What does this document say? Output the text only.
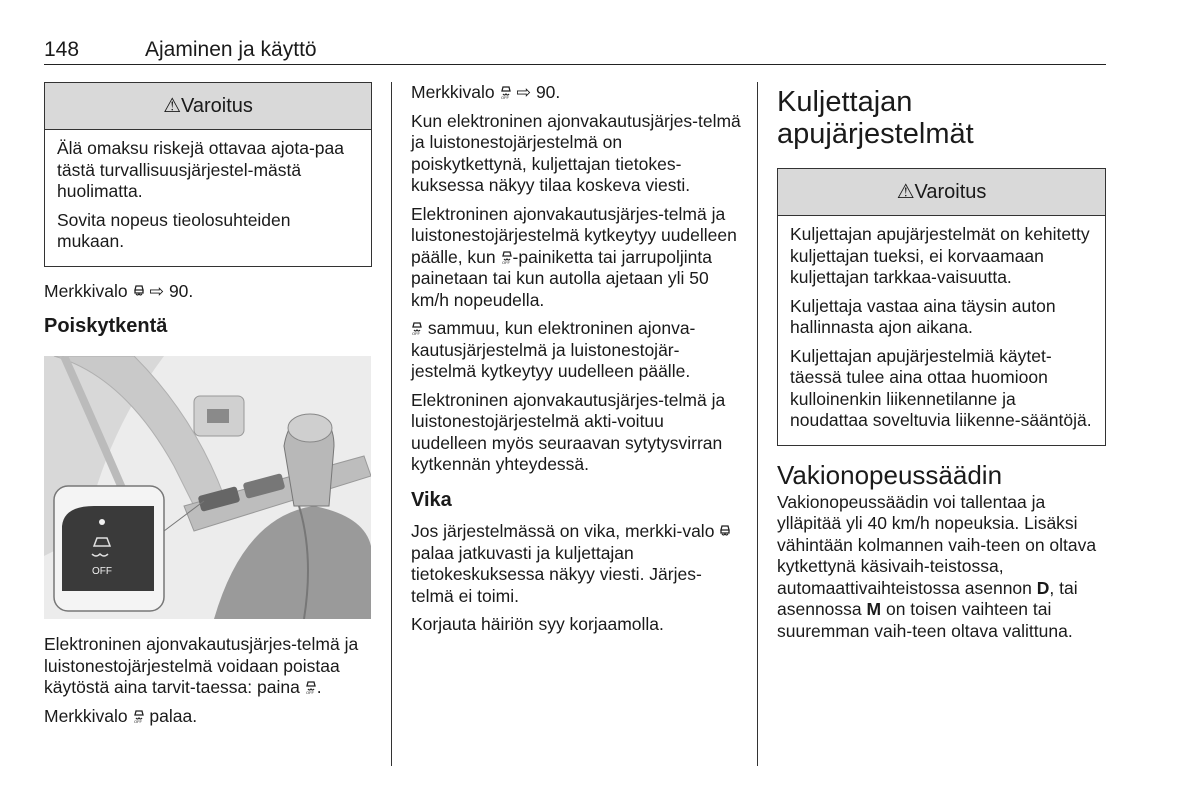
148	Ajaminen ja käyttö
⚠Varoitus

Älä omaksu riskejä ottavaa ajota-paa tästä turvallisuusjärjestel-mästä huolimatta.

Sovita nopeus tieolosuhteiden mukaan.

Merkkivalo ⇨ 90.

Poiskytkentä
OFF

Elektroninen ajonvakautusjärjes-telmä ja luistonestojärjestelmä voidaan poistaa käytöstä aina tarvit-taessa: paina OFF .

Merkkivalo OFF palaa.

Merkkivalo OFF ⇨ 90.

Kun elektroninen ajonvakautusjärjes-telmä ja luistonestojärjestelmä on poiskytkettynä, kuljettajan tietokes-kuksessa näkyy tilaa koskeva viesti.

Elektroninen ajonvakautusjärjes-telmä ja luistonestojärjestelmä kytkeytyy uudelleen päälle, kun OFF -painiketta tai jarrupoljinta painetaan tai kun autolla ajetaan yli 50 km/h nopeudella.

OFF sammuu, kun elektroninen ajonva-kautusjärjestelmä ja luistonestojär-jestelmä kytkeytyy uudelleen päälle.

Elektroninen ajonvakautusjärjes-telmä ja luistonestojärjestelmä akti-voituu uudelleen myös seuraavan sytytysvirran kytkennän yhteydessä.

Vika

Jos järjestelmässä on vika, merkki-valo  palaa jatkuvasti ja kuljettajan tietokeskuksessa näkyy viesti. Järjes-telmä ei toimi.

Korjauta häiriön syy korjaamolla.

Kuljettajan apujärjestelmät
⚠Varoitus

Kuljettajan apujärjestelmät on kehitetty kuljettajan tueksi, ei korvaamaan kuljettajan tarkkaa-vaisuutta.

Kuljettaja vastaa aina täysin auton hallinnasta ajon aikana.

Kuljettajan apujärjestelmiä käytet-täessä tulee aina ottaa huomioon kulloinenkin liikennetilanne ja noudattaa soveltuvia liikenne-sääntöjä.

Vakionopeussäädin

Vakionopeussäädin voi tallentaa ja ylläpitää yli 40 km/h nopeuksia. Lisäksi vähintään kolmannen vaih-teen on oltava kytkettynä käsivaih-teistossa, automaattivaihteistossa asennon D, tai asennossa M on toisen vaihteen tai suuremman vaih-teen oltava valittuna.
